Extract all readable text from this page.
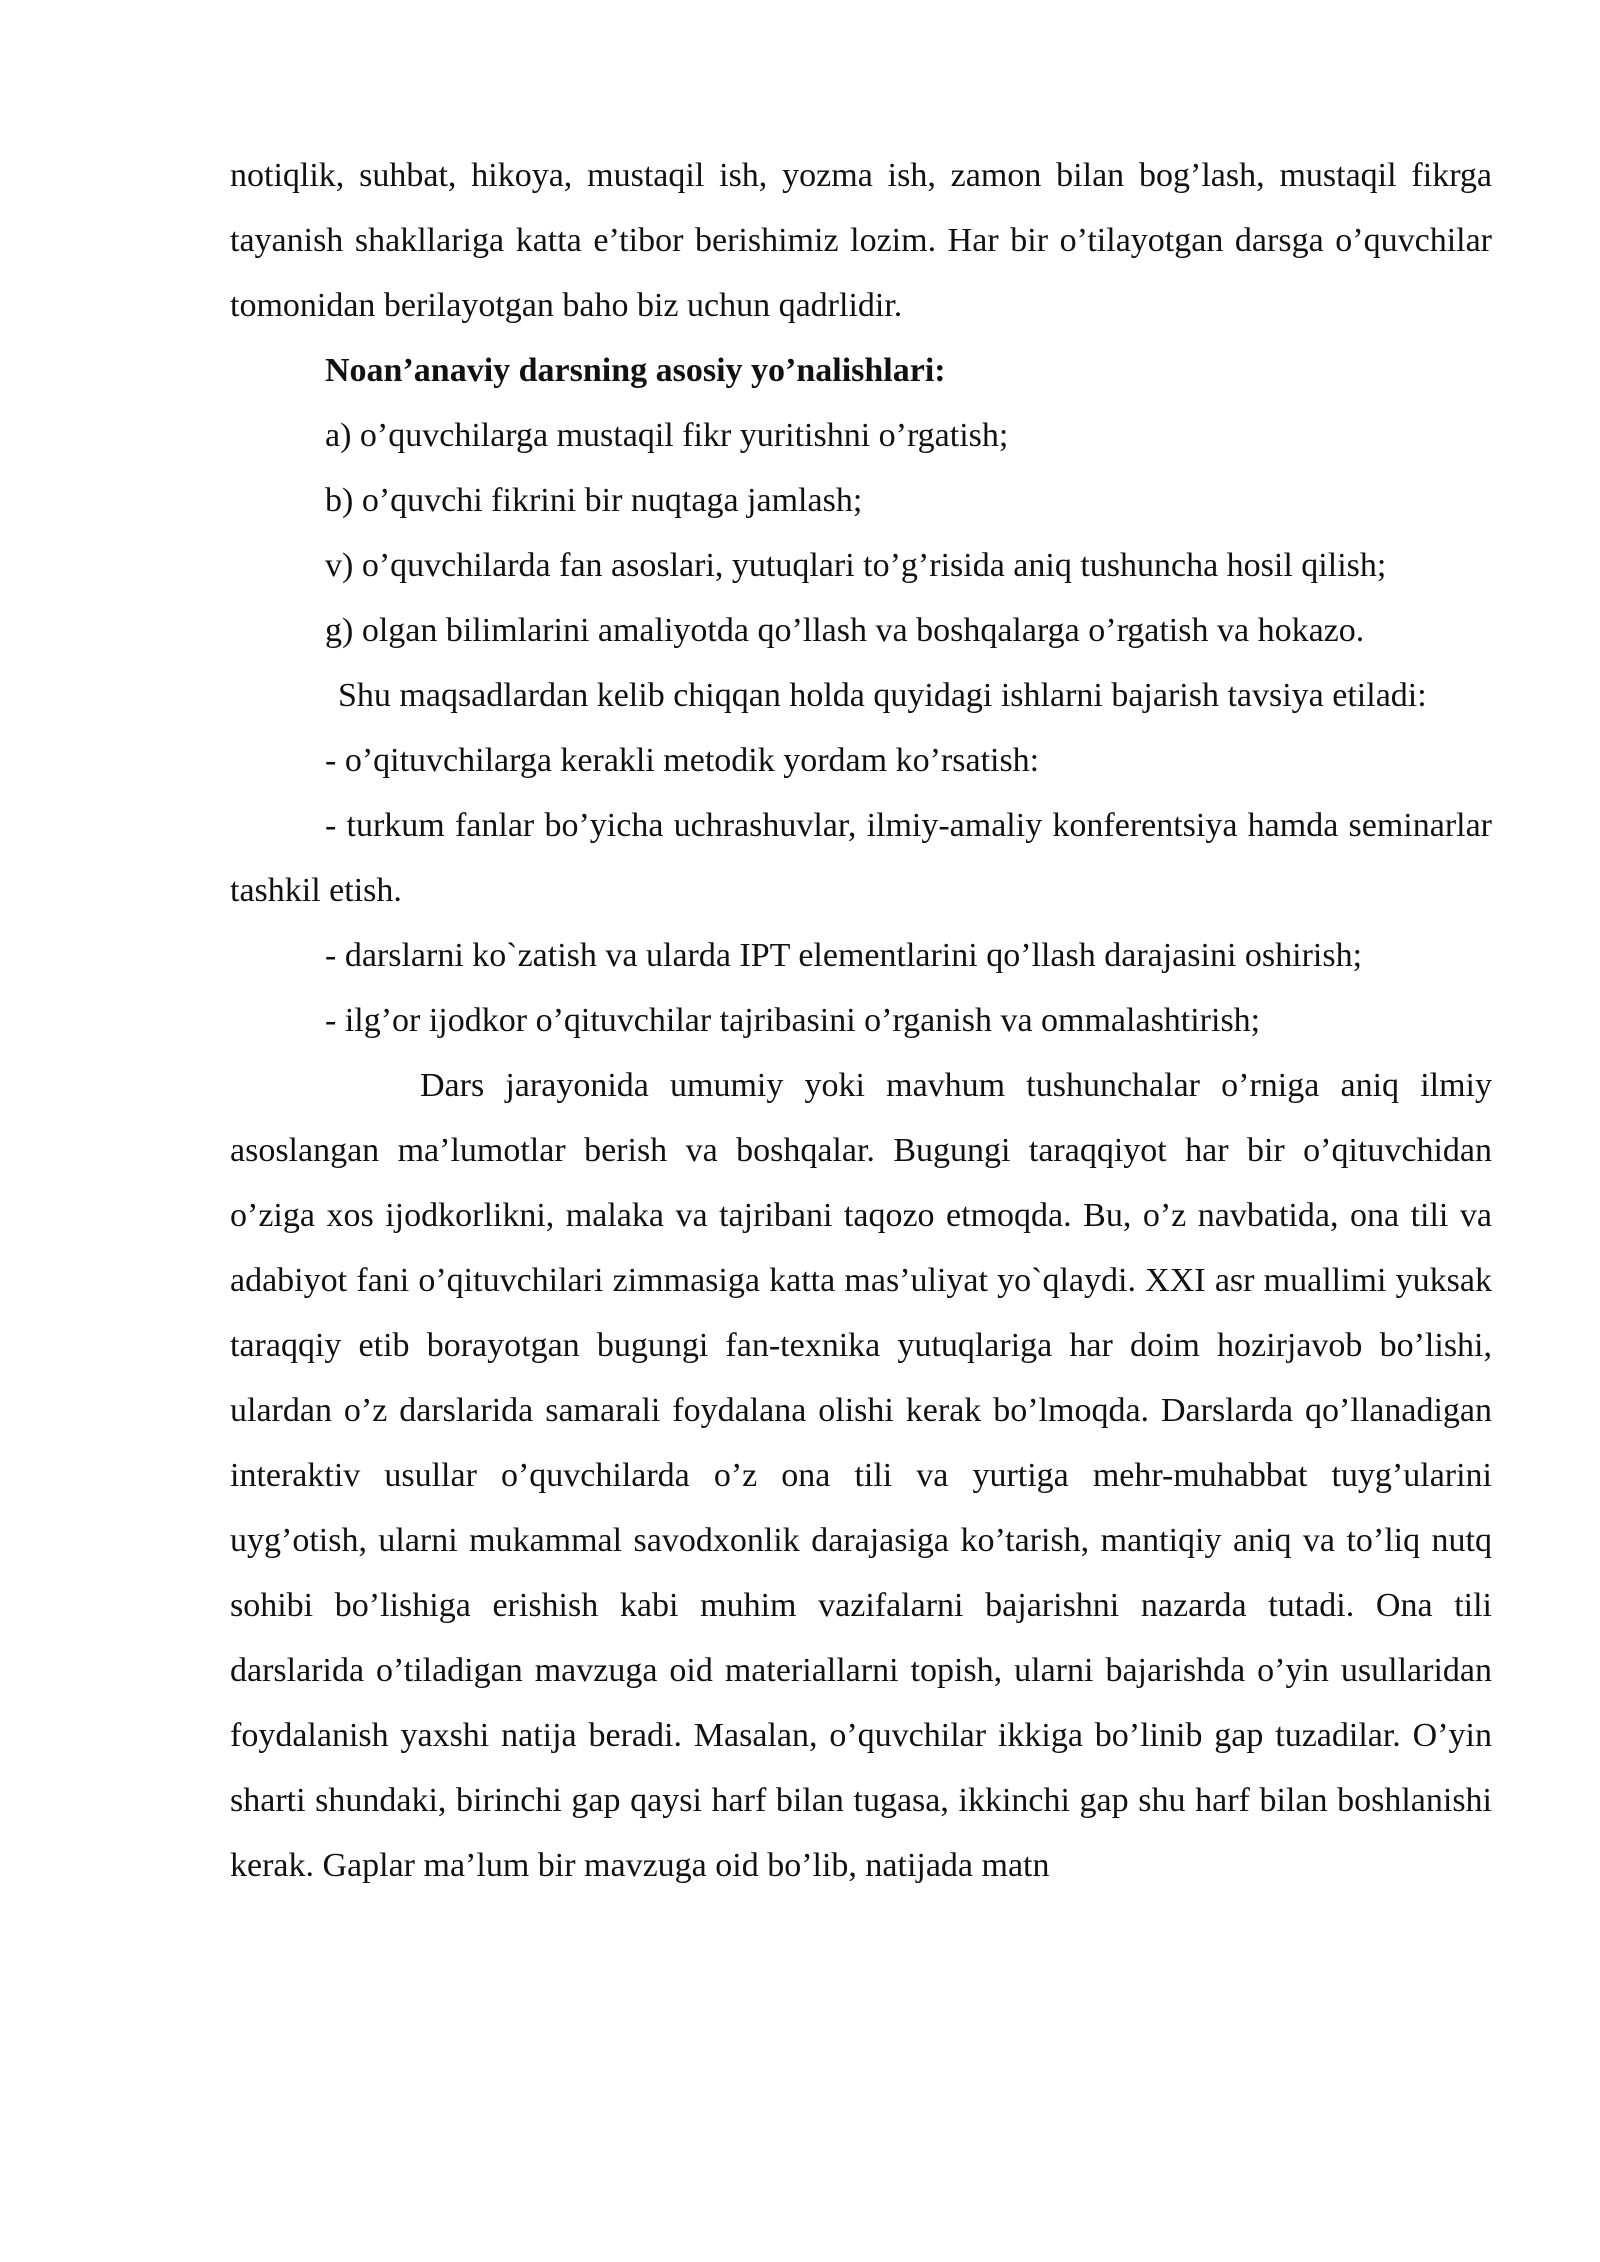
notiqlik, suhbat, hikoya, mustaqil ish, yozma ish, zamon bilan bog’lash, mustaqil fikrga tayanish shakllariga katta e’tibor berishimiz lozim. Har bir o’tilayotgan darsga o’quvchilar tomonidan berilayotgan baho biz uchun qadrlidir.

Noan’anaviy darsning asosiy yo’nalishlari:

a) o’quvchilarga mustaqil fikr yuritishni o’rgatish;

b) o’quvchi fikrini bir nuqtaga jamlash;

v) o’quvchilarda fan asoslari, yutuqlari to’g’risida aniq tushuncha hosil qilish;

g) olgan bilimlarini amaliyotda qo’llash va boshqalarga o’rgatish va hokazo.

Shu maqsadlardan kelib chiqqan holda quyidagi ishlarni bajarish tavsiya etiladi:

- o’qituvchilarga kerakli metodik yordam ko’rsatish:

- turkum fanlar bo’yicha uchrashuvlar, ilmiy-amaliy konferentsiya hamda seminarlar tashkil etish.

- darslarni ko`zatish va ularda IPT elementlarini qo’llash darajasini oshirish;

- ilg’or ijodkor o’qituvchilar tajribasini o’rganish va ommalashtirish;

Dars jarayonida umumiy yoki mavhum tushunchalar o’rniga aniq ilmiy asoslangan ma’lumotlar berish va boshqalar. Bugungi taraqqiyot har bir o’qituvchidan o’ziga xos ijodkorlikni, malaka va tajribani taqozo etmoqda. Bu, o’z navbatida, ona tili va adabiyot fani o’qituvchilari zimmasiga katta mas’uliyat yo`qlaydi. XXI asr muallimi yuksak taraqqiy etib borayotgan bugungi fan-texnika yutuqlariga har doim hozirjavob bo’lishi, ulardan o’z darslarida samarali foydalana olishi kerak bo’lmoqda. Darslarda qo’llanadigan interaktiv usullar o’quvchilarda o’z ona tili va yurtiga mehr-muhabbat tuyg’ularini uyg’otish, ularni mukammal savodxonlik darajasiga ko’tarish, mantiqiy aniq va to’liq nutq sohibi bo’lishiga erishish kabi muhim vazifalarni bajarishni nazarda tutadi. Ona tili darslarida o’tiladigan mavzuga oid materiallarni topish, ularni bajarishda o’yin usullaridan foydalanish yaxshi natija beradi. Masalan, o’quvchilar ikkiga bo’linib gap tuzadilar. O’yin sharti shundaki, birinchi gap qaysi harf bilan tugasa, ikkinchi gap shu harf bilan boshlanishi kerak. Gaplar ma’lum bir mavzuga oid bo’lib, natijada matn
